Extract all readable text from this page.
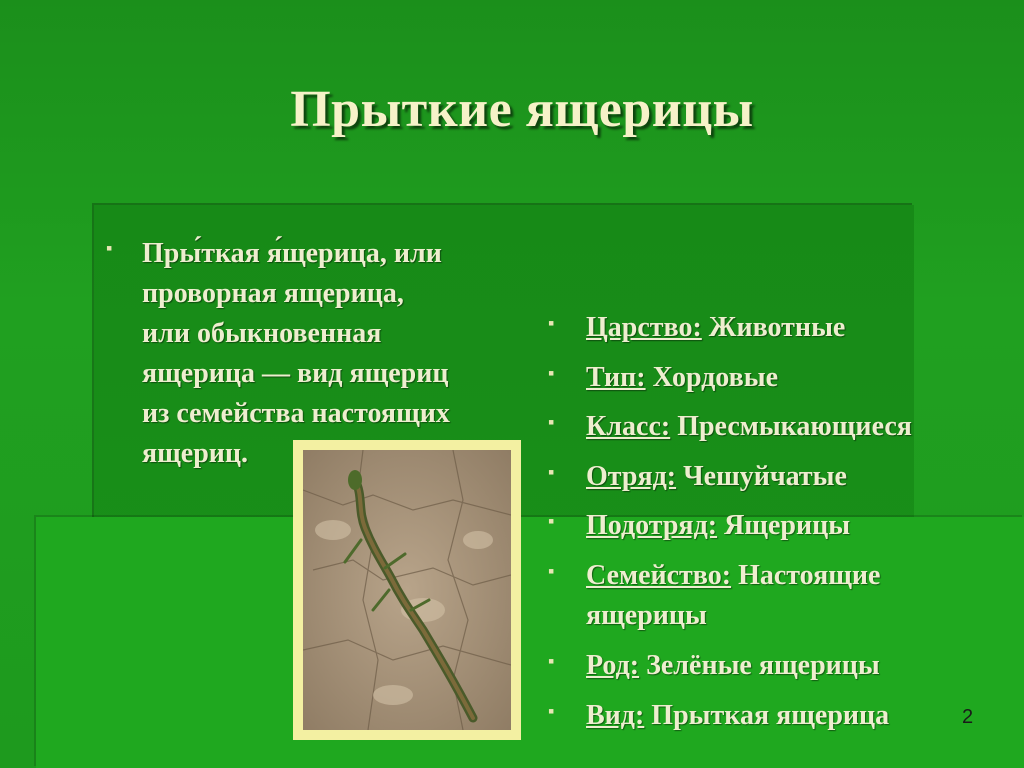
Прыткие ящерицы
▪ Пры́ткая я́щерица, или
проворная ящерица,
или обыкновенная
ящерица — вид ящериц
из семейства настоящих
ящериц.
▪ Царство: Животные
▪ Тип: Хордовые
▪ Класс: Пресмыкающиеся
▪ Отряд: Чешуйчатые
▪ Подотряд: Ящерицы
▪ Семейство: Настоящие
ящерицы
▪ Род: Зелёные ящерицы
▪ Вид: Прыткая ящерица	2
